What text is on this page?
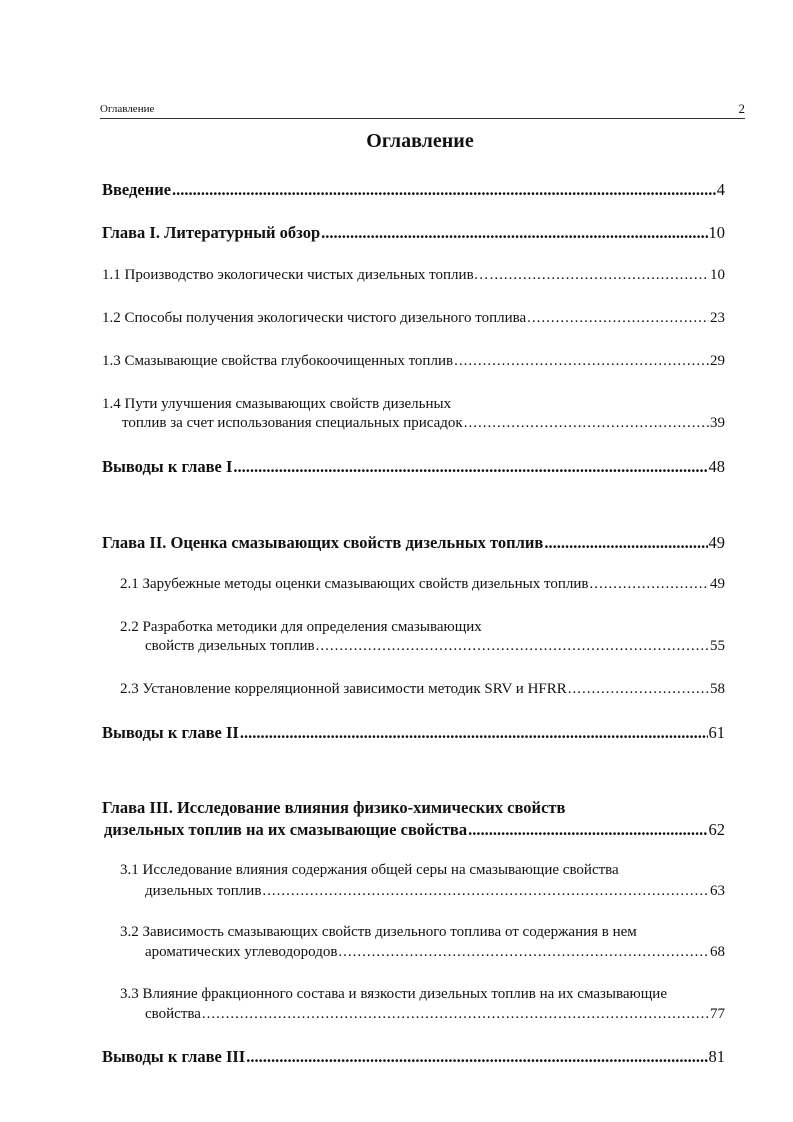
Оглавление	2
Оглавление
Введение .....	4
Глава I. Литературный обзор .....	10
1.1 Производство экологически чистых дизельных топлив… .....	10
1.2 Способы получения экологически чистого дизельного топлива .....	23
1.3 Смазывающие свойства глубокоочищенных топлив .....	29
1.4 Пути улучшения смазывающих свойств дизельных
топлив за счет использования специальных присадок .....	39
Выводы к главе I .....	48
Глава II. Оценка смазывающих свойств дизельных топлив .....	49
2.1 Зарубежные методы оценки смазывающих свойств дизельных топлив .....	49
2.2 Разработка методики для определения смазывающих
свойств дизельных топлив .....	55
2.3 Установление корреляционной зависимости методик SRV и HFRR .....	58
Выводы к главе II .....	61
Глава III. Исследование влияния физико-химических свойств
дизельных топлив на их смазывающие свойства .....	62
3.1 Исследование влияния содержания общей серы на смазывающие свойства
дизельных топлив .....	63
3.2 Зависимость смазывающих свойств дизельного топлива от содержания в нем
ароматических углеводородов .....	68
3.3 Влияние фракционного состава и вязкости дизельных топлив на их смазывающие
свойства .....	77
Выводы к главе III .....	81
